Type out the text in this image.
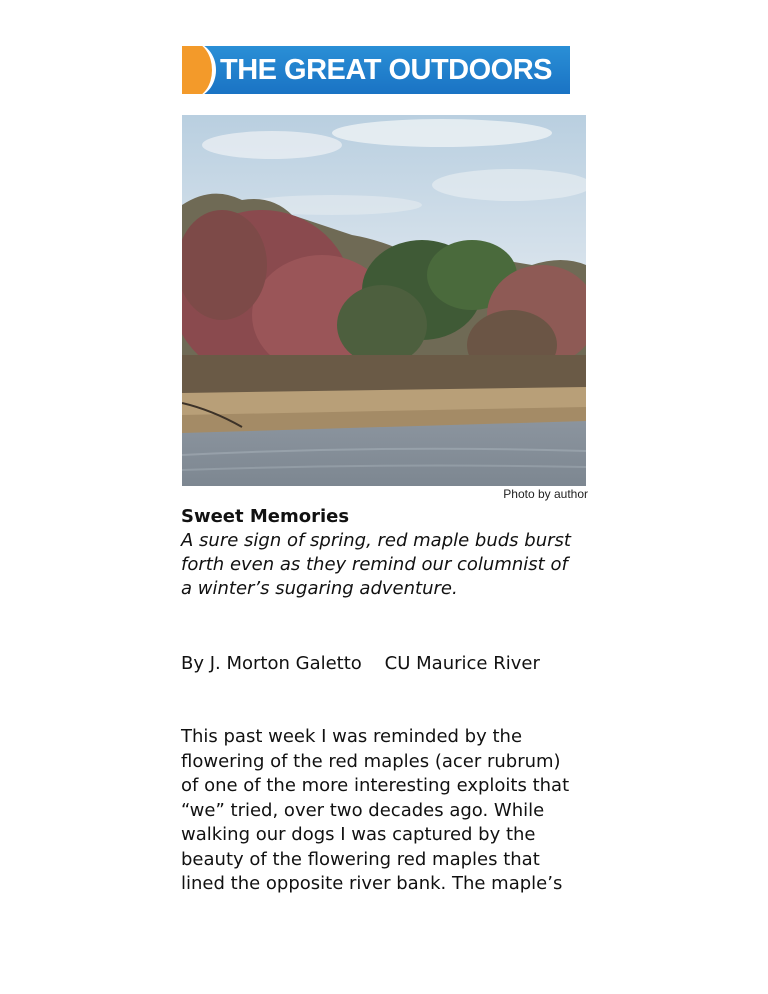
THE GREAT OUTDOORS
Photo by author
Sweet Memories

A sure sign of spring, red maple buds burst forth even as they remind our columnist of a winter’s sugaring adventure.

By J. Morton Galetto    CU Maurice River

This past week I was reminded by the flowering of the red maples (acer rubrum) of one of the more interesting exploits that “we” tried, over two decades ago. While walking our dogs I was captured by the beauty of the flowering red maples that lined the opposite river bank. The maple’s
